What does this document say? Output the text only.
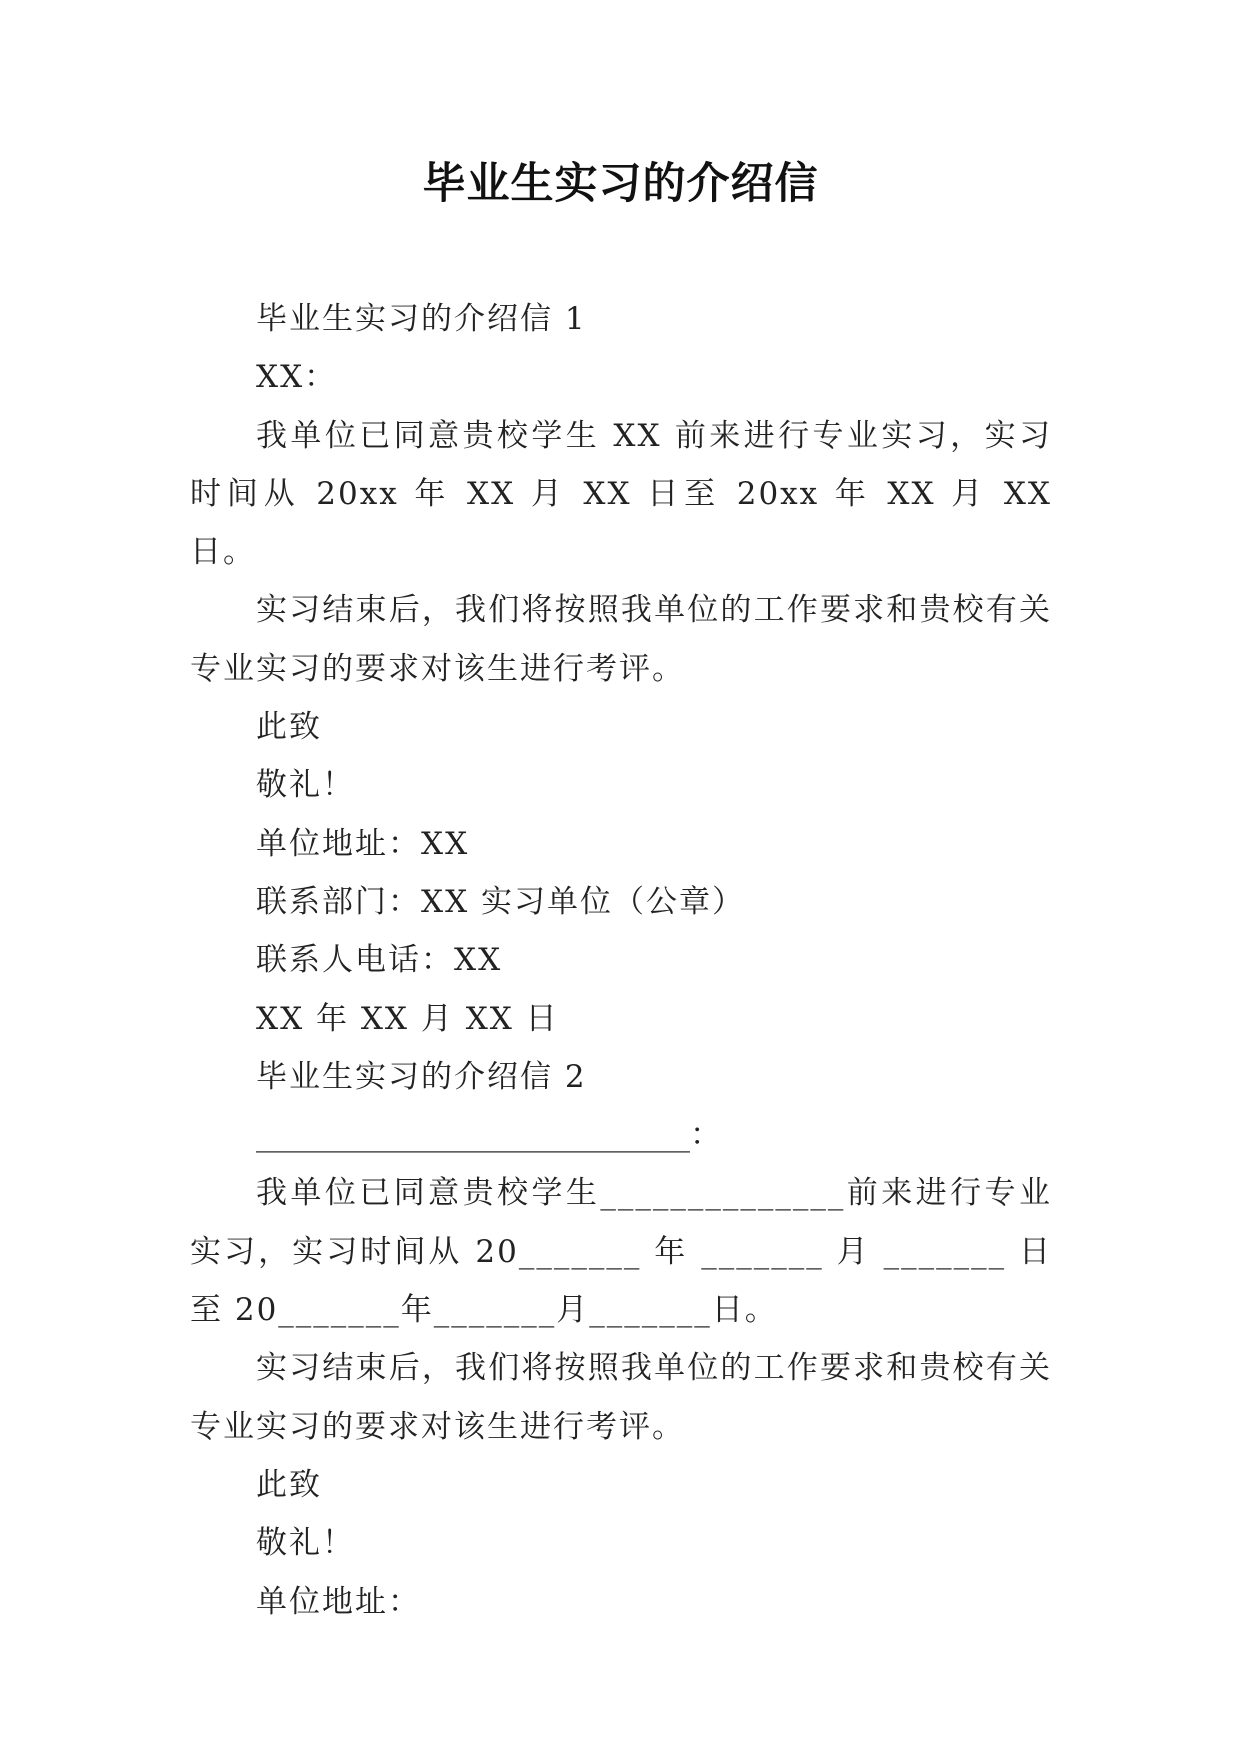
毕业生实习的介绍信

毕业生实习的介绍信 1

XX：

我单位已同意贵校学生 XX 前来进行专业实习，实习时间从 20xx 年 XX 月 XX 日至 20xx 年 XX 月 XX 日。

实习结束后，我们将按照我单位的工作要求和贵校有关专业实习的要求对该生进行考评。

此致

敬礼！

单位地址：XX

联系部门：XX 实习单位（公章）

联系人电话：XX

XX 年 XX 月 XX 日

毕业生实习的介绍信 2

____________________________：

我单位已同意贵校学生______________前来进行专业实习，实习时间从 20_______ 年 _______ 月 _______ 日至 20_______年_______月_______日。

实习结束后，我们将按照我单位的工作要求和贵校有关专业实习的要求对该生进行考评。

此致

敬礼！

单位地址：
